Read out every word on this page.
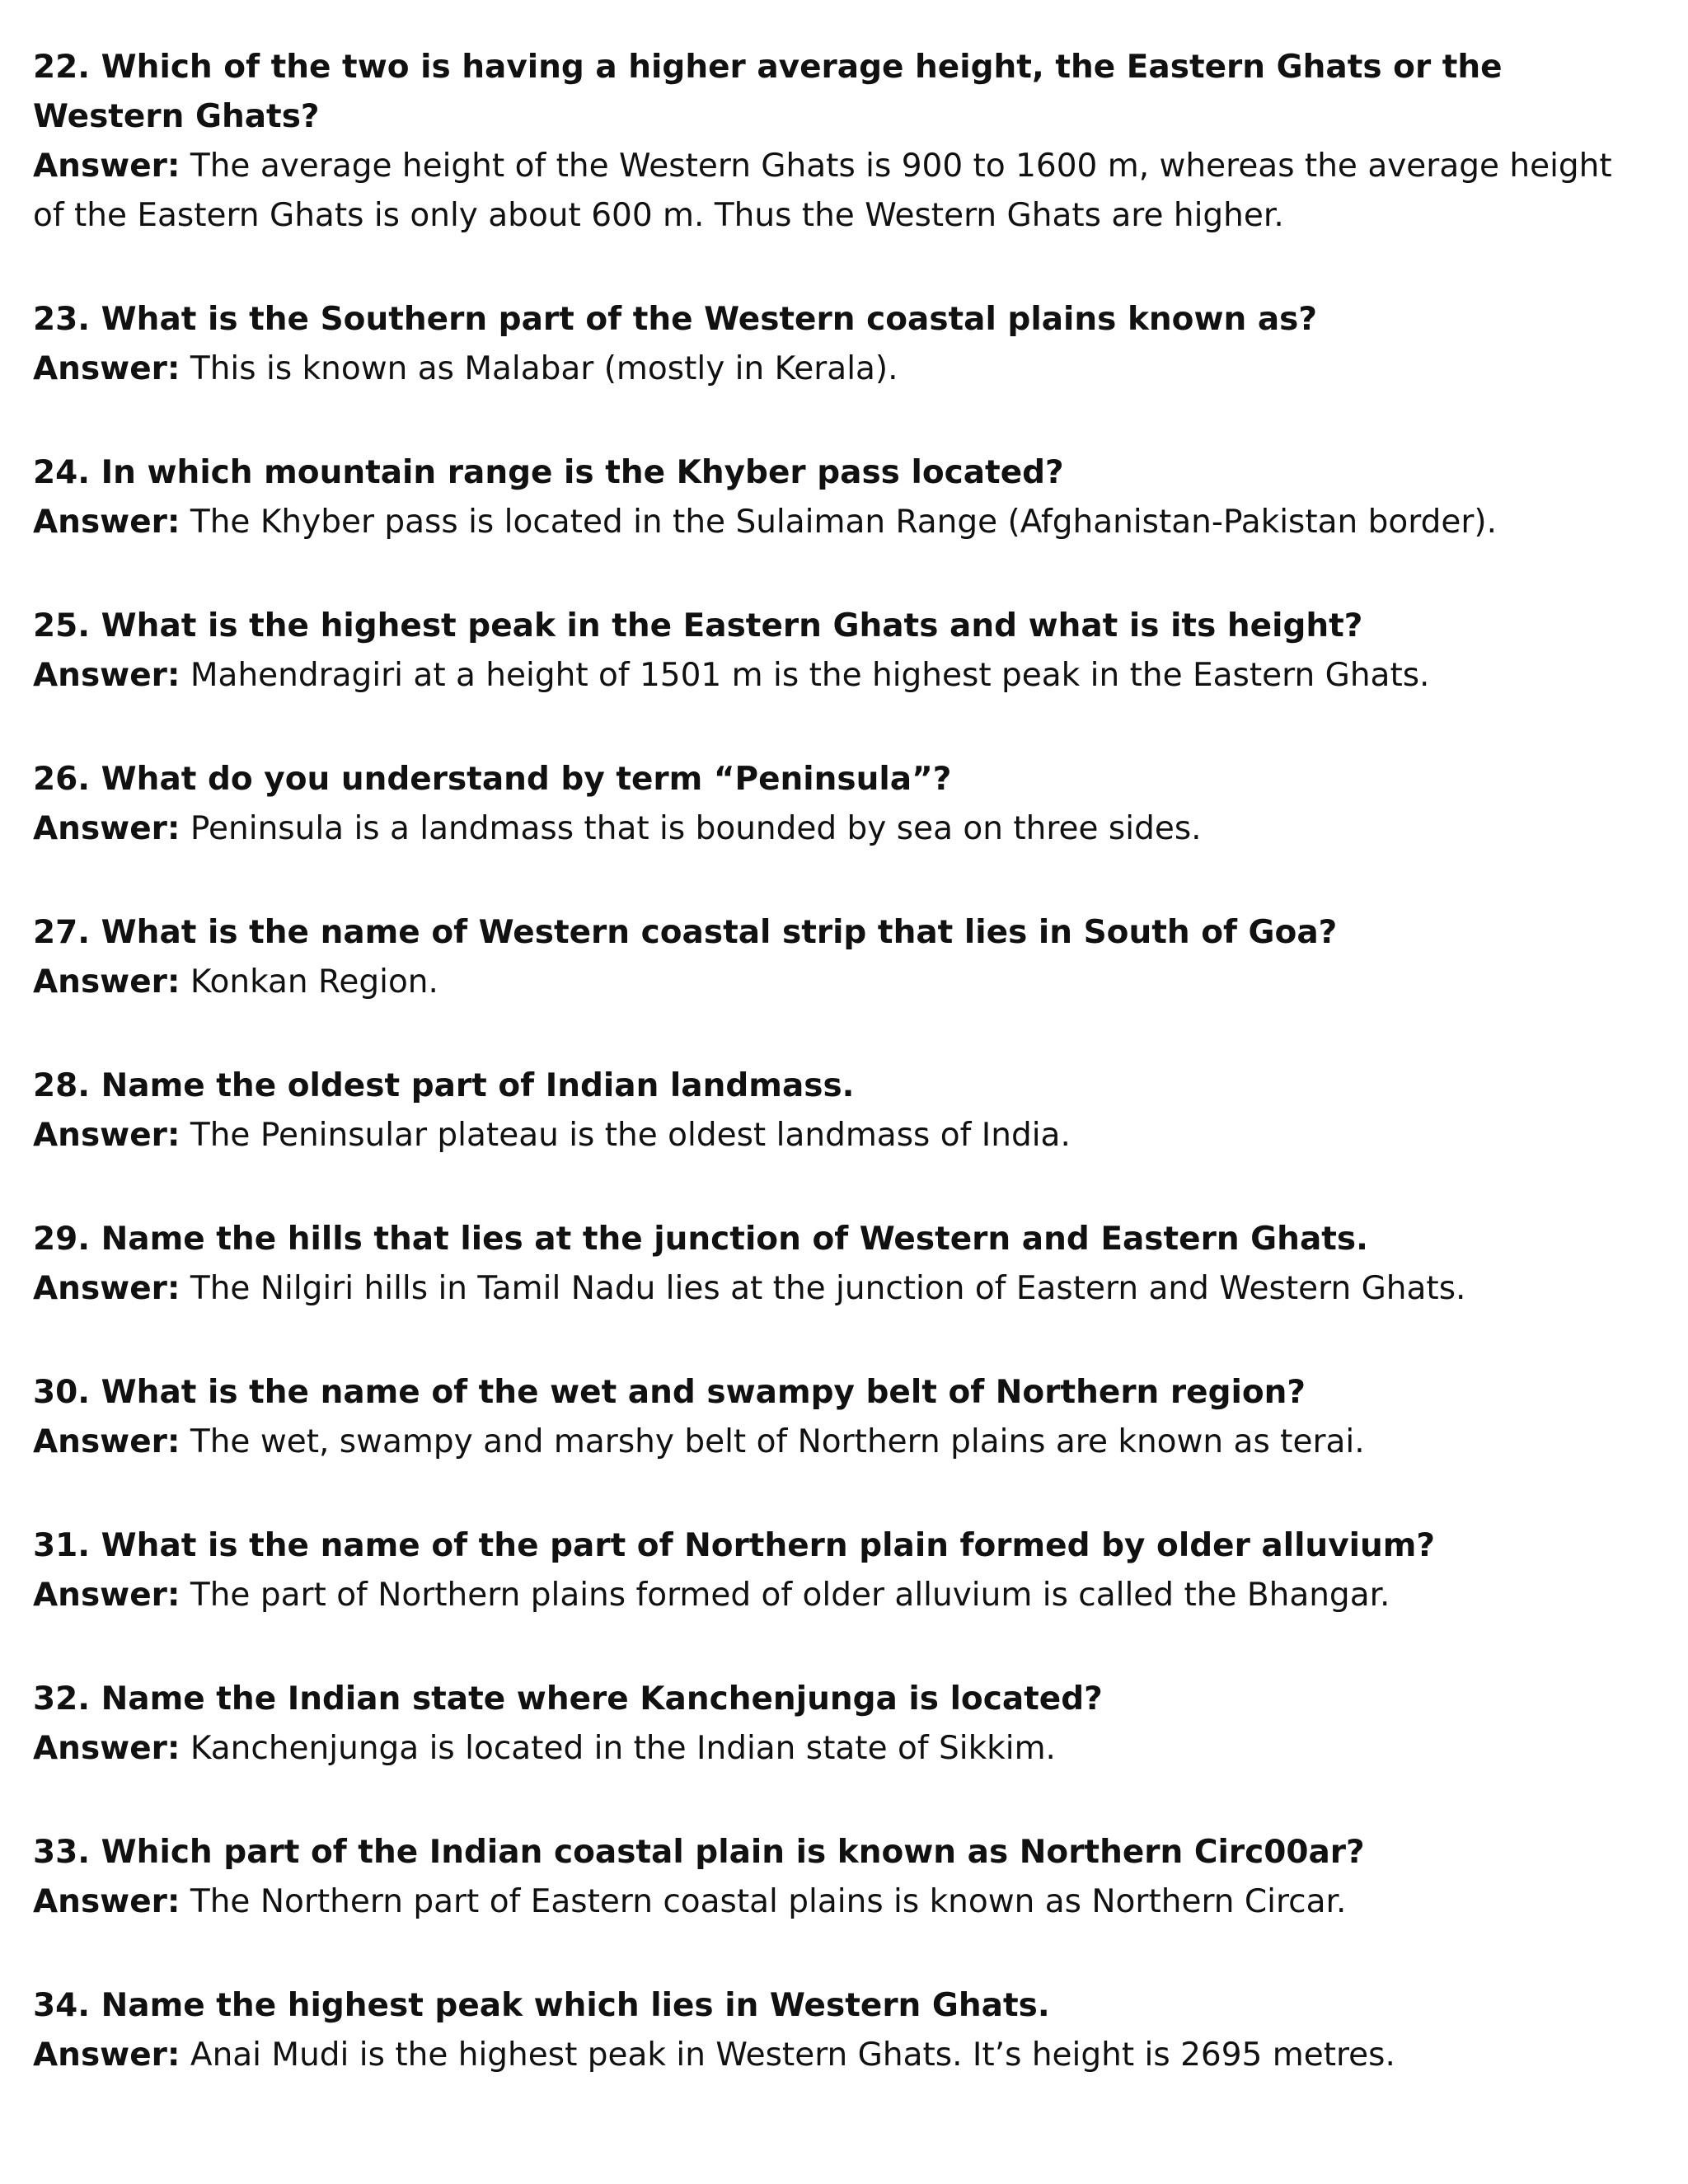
22. Which of the two is having a higher average height, the Eastern Ghats or the Western Ghats?

Answer: The average height of the Western Ghats is 900 to 1600 m, whereas the average height of the Eastern Ghats is only about 600 m. Thus the Western Ghats are higher.

23. What is the Southern part of the Western coastal plains known as?

Answer: This is known as Malabar (mostly in Kerala).

24. In which mountain range is the Khyber pass located?

Answer: The Khyber pass is located in the Sulaiman Range (Afghanistan-Pakistan border).

25. What is the highest peak in the Eastern Ghats and what is its height?

Answer: Mahendragiri at a height of 1501 m is the highest peak in the Eastern Ghats.

26. What do you understand by term “Peninsula”?

Answer: Peninsula is a landmass that is bounded by sea on three sides.

27. What is the name of Western coastal strip that lies in South of Goa?

Answer: Konkan Region.

28. Name the oldest part of Indian landmass.

Answer: The Peninsular plateau is the oldest landmass of India.

29. Name the hills that lies at the junction of Western and Eastern Ghats.

Answer: The Nilgiri hills in Tamil Nadu lies at the junction of Eastern and Western Ghats.

30. What is the name of the wet and swampy belt of Northern region?

Answer: The wet, swampy and marshy belt of Northern plains are known as terai.

31. What is the name of the part of Northern plain formed by older alluvium?

Answer: The part of Northern plains formed of older alluvium is called the Bhangar.

32. Name the Indian state where Kanchenjunga is located?

Answer: Kanchenjunga is located in the Indian state of Sikkim.

33. Which part of the Indian coastal plain is known as Northern Circ00ar?

Answer: The Northern part of Eastern coastal plains is known as Northern Circar.

34. Name the highest peak which lies in Western Ghats.

Answer: Anai Mudi is the highest peak in Western Ghats. It’s height is 2695 metres.
